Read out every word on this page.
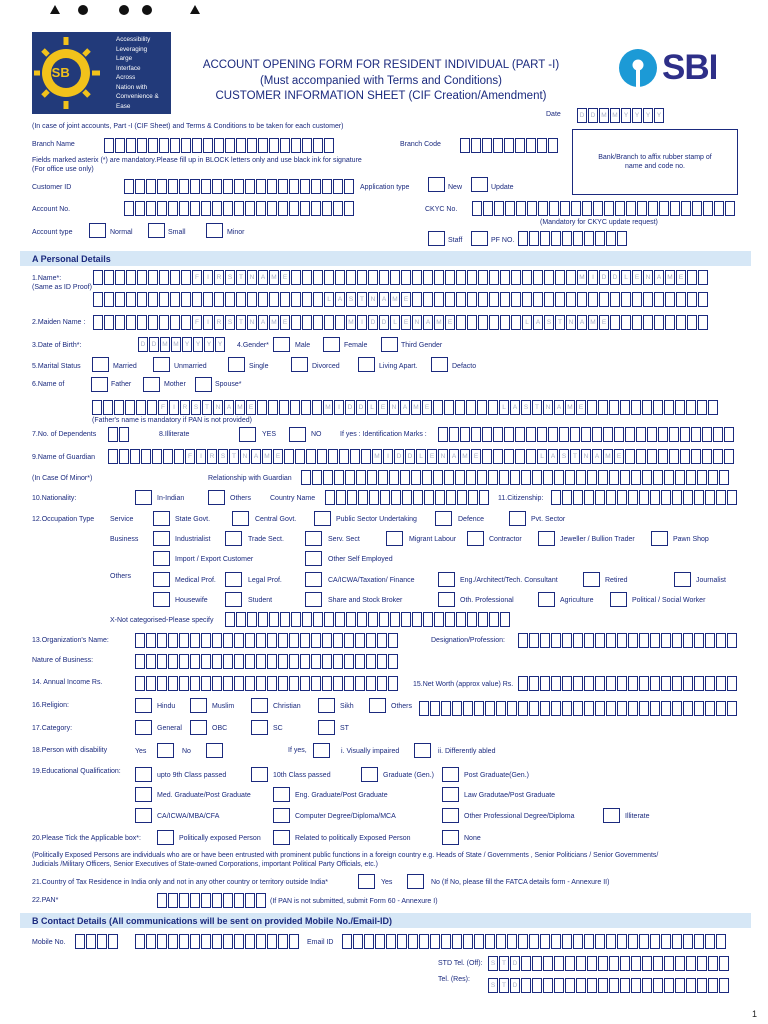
PSB
Accessibility
Leveraging
Large
Interface
Across
Nation with
Convenience &
Ease
ACCOUNT OPENING FORM FOR RESIDENT INDIVIDUAL (PART -I)
(Must accompanied with Terms and Conditions)
CUSTOMER INFORMATION SHEET (CIF Creation/Amendment)
SBI
Date	D D M M Y	Y	Y	Y
(In case of joint accounts, Part -I (CIF Sheet) and Terms & Conditions to be taken for each customer)
Branch Name	Branch Code
Bank/Branch to affix rubber stamp of name and code no.
Fields marked asterix (*) are mandatory.Please fill up in BLOCK letters only and use black ink for signature
(For office use only)
Customer ID	Application type	New	Update
Account No.	CKYC No.
(Mandatory for CKYC update request)
Account type	Normal	Small	Minor
Staff	PF NO.
A Personal Details
1.Name*:
(Same as ID Proof)
F	I	R S	T	N A M E	M	I	D D	L	E N A M E
L	A	S	T	N A M E
2.Maiden Name :	F	I	R S	T	N A M E	M	I	D D	L	E N A M E	L	A	S	T	N A M E
3.Date of Birth*:	D D M M Y	Y	Y	Y	4.Gender*	Male	Female	Third Gender
5.Marital Status	Married	Unmarried	Single	Divorced	Living Apart.	Defacto
6.Name of	Father	Mother	Spouse*
F	I	R S	T	N A M E	M	I	D D	L	E N A M E	L	A	S	T	N A M E
(Father's name is mandatory if PAN is not provided)
7.No. of Dependents	8.Illiterate	YES	NO	If yes : Identification Marks :
9.Name of Guardian	F	I	R S	T	N A M E	M	I	D D	L	E N A M E	L	A	S	T	N A M E
(In Case Of Minor*)	Relationship with Guardian
10.Nationality:	In-Indian	Others	Country Name	11.Citizenship:
12.Occupation Type Service	State Govt.	Central Govt.	Public Sector Undertaking	Defence	Pvt. Sector
Business	Industrialist	Trade Sect.	Serv. Sect	Migrant Labour	Contractor	Jeweller / Bullion Trader	Pawn Shop
Import / Export Customer	Other Self Employed
Others
Medical Prof.	Legal Prof.	CA/ICWA/Taxation/ Finance	Eng./Architect/Tech. Consultant	Retired	Journalist
Housewife	Student	Share and Stock Broker	Oth. Professional	Agriculture	Political / Social Worker
X-Not categorised-Please specify
13.Organization's Name:	Designation/Profession:
Nature of Business:
14. Annual Income Rs.	15.Net Worth (approx value) Rs.
16.Religion:	Hindu	Muslim	Christian	Sikh	Others
17.Category:	General	OBC	SC	ST
18.Person with disability	Yes	No	If yes,	i. Visually impaired	ii. Differently abled
19.Educational Qualification:
upto 9th Class passed	10th Class passed	Graduate (Gen.)	Post Graduate(Gen.)
Med. Graduate/Post Graduate	Eng. Graduate/Post Graduate	Law Gradutae/Post Graduate
CA/ICWA/MBA/CFA	Computer Degree/Diploma/MCA	Other Professional Degree/Diploma	Illiterate
20.Please Tick the Applicable box*:	Politically exposed Person	Related to politically Exposed Person	None
(Politically Exposed Persons are individuals who are or have been entrusted with prominent public functions in a foreign country e.g. Heads of State / Governments , Senior Politicians / Senior Governments/
Judicials /Military Officers, Senior Executives of State-owned Corporations, important Political Party Officials, etc.)
21.Country of Tax Residence in India only and not in any other country or territory outside India*	Yes	No (If No, please fill the FATCA details form - Annexure II)
22.PAN*	(If PAN is not submitted, submit Form 60 - Annexure I)
B Contact Details (All communications will be sent on provided Mobile No./Email-ID)
Mobile No.	Email ID
STD Tel. (Off):	S	T	D
Tel. (Res):
S	T	D
1
